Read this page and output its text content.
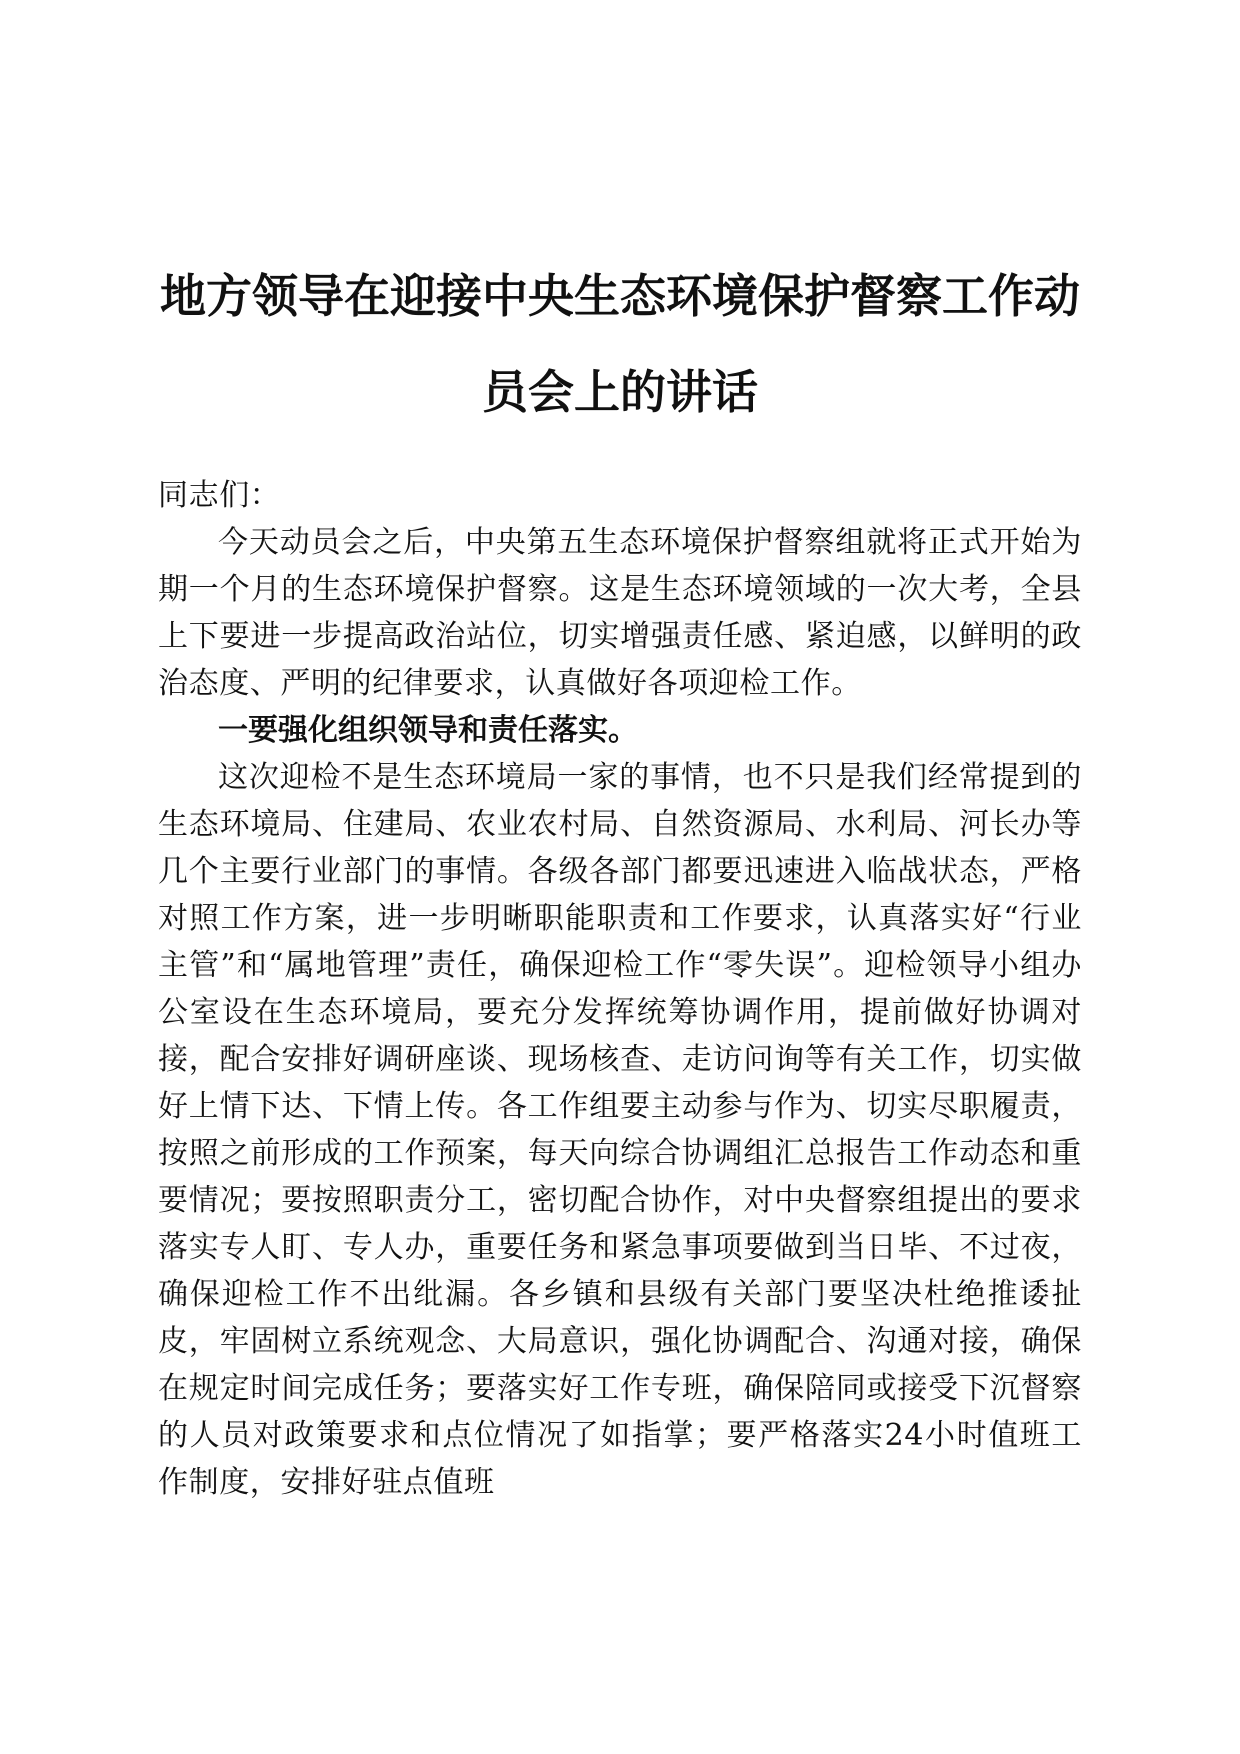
地方领导在迎接中央生态环境保护督察工作动
员会上的讲话

同志们：

今天动员会之后，中央第五生态环境保护督察组就将正式开始为期一个月的生态环境保护督察。这是生态环境领域的一次大考，全县上下要进一步提高政治站位，切实增强责任感、紧迫感，以鲜明的政治态度、严明的纪律要求，认真做好各项迎检工作。

一要强化组织领导和责任落实。

这次迎检不是生态环境局一家的事情，也不只是我们经常提到的生态环境局、住建局、农业农村局、自然资源局、水利局、河长办等几个主要行业部门的事情。各级各部门都要迅速进入临战状态，严格对照工作方案，进一步明晰职能职责和工作要求，认真落实好“行业主管”和“属地管理”责任，确保迎检工作“零失误”。迎检领导小组办公室设在生态环境局，要充分发挥统筹协调作用，提前做好协调对接，配合安排好调研座谈、现场核查、走访问询等有关工作，切实做好上情下达、下情上传。各工作组要主动参与作为、切实尽职履责，按照之前形成的工作预案，每天向综合协调组汇总报告工作动态和重要情况；要按照职责分工，密切配合协作，对中央督察组提出的要求落实专人盯、专人办，重要任务和紧急事项要做到当日毕、不过夜，确保迎检工作不出纰漏。各乡镇和县级有关部门要坚决杜绝推诿扯皮，牢固树立系统观念、大局意识，强化协调配合、沟通对接，确保在规定时间完成任务；要落实好工作专班，确保陪同或接受下沉督察的人员对政策要求和点位情况了如指掌；要严格落实24小时值班工作制度，安排好驻点值班
